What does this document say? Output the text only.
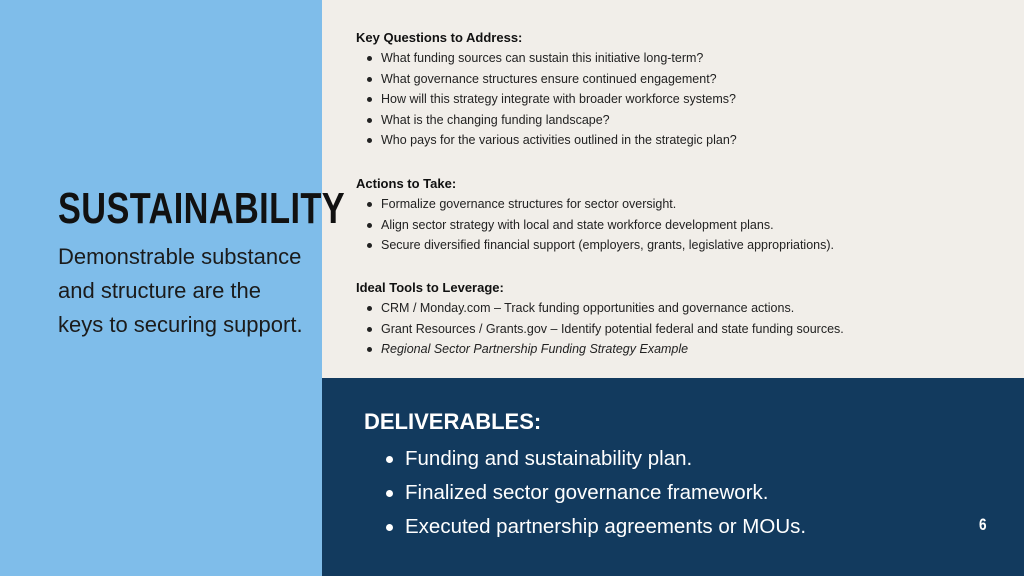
SUSTAINABILITY
Demonstrable substance and structure are the keys to securing support.
Key Questions to Address:
What funding sources can sustain this initiative long-term?
What governance structures ensure continued engagement?
How will this strategy integrate with broader workforce systems?
What is the changing funding landscape?
Who pays for the various activities outlined in the strategic plan?
Actions to Take:
Formalize governance structures for sector oversight.
Align sector strategy with local and state workforce development plans.
Secure diversified financial support (employers, grants, legislative appropriations).
Ideal Tools to Leverage:
CRM / Monday.com – Track funding opportunities and governance actions.
Grant Resources / Grants.gov – Identify potential federal and state funding sources.
Regional Sector Partnership Funding Strategy Example
DELIVERABLES:
Funding and sustainability plan.
Finalized sector governance framework.
Executed partnership agreements or MOUs.	6
